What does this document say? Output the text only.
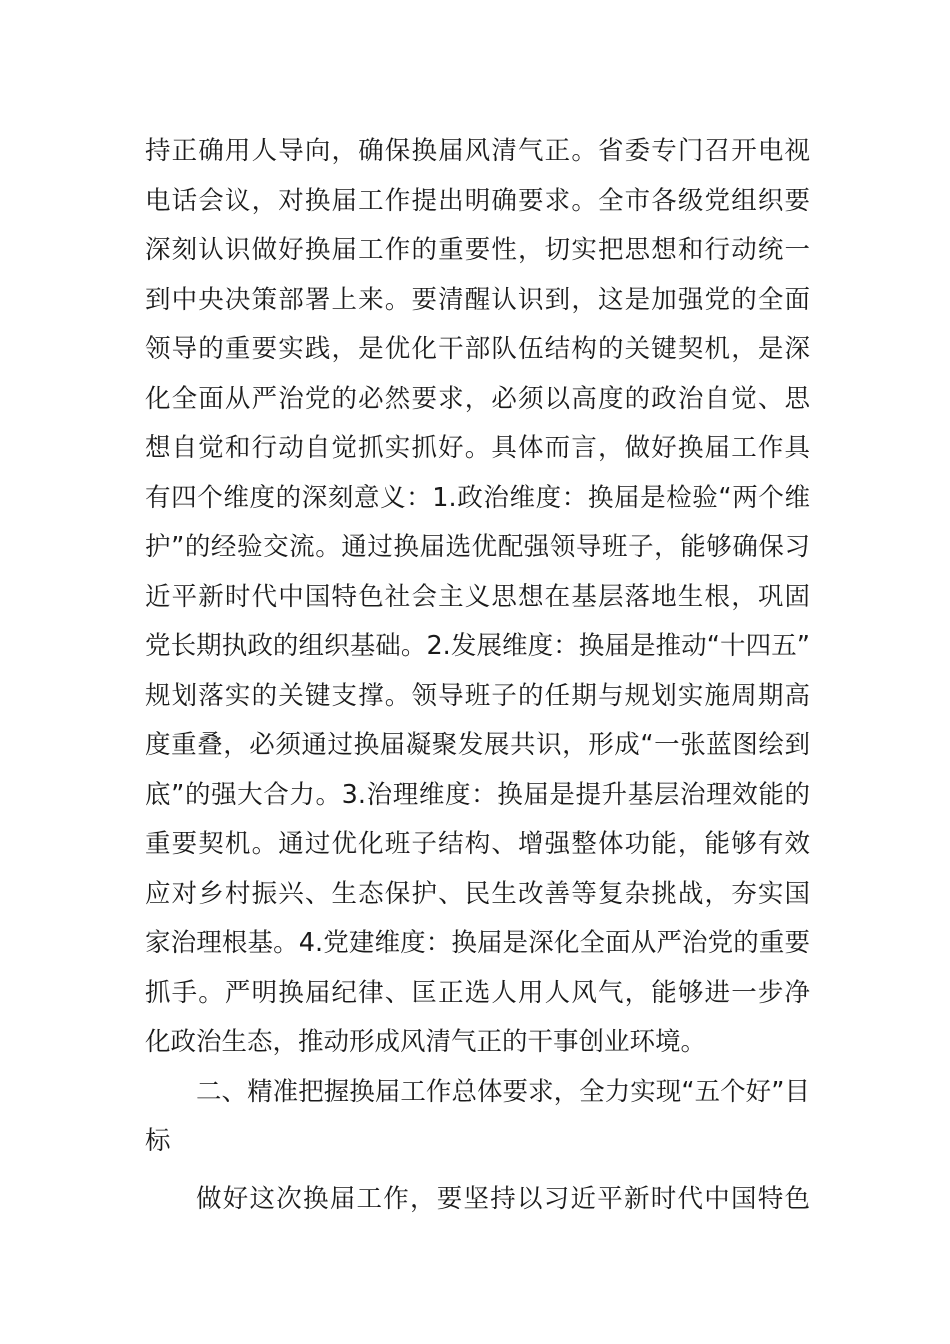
持正确用人导向，确保换届风清气正。省委专门召开电视
电话会议，对换届工作提出明确要求。全市各级党组织要
深刻认识做好换届工作的重要性，切实把思想和行动统一
到中央决策部署上来。要清醒认识到，这是加强党的全面
领导的重要实践，是优化干部队伍结构的关键契机，是深
化全面从严治党的必然要求，必须以高度的政治自觉、思
想自觉和行动自觉抓实抓好。具体而言，做好换届工作具
有四个维度的深刻意义：1.政治维度：换届是检验“两个维
护”的经验交流。通过换届选优配强领导班子，能够确保习
近平新时代中国特色社会主义思想在基层落地生根，巩固
党长期执政的组织基础。2.发展维度：换届是推动“十四五”
规划落实的关键支撑。领导班子的任期与规划实施周期高
度重叠，必须通过换届凝聚发展共识，形成“一张蓝图绘到
底”的强大合力。3.治理维度：换届是提升基层治理效能的
重要契机。通过优化班子结构、增强整体功能，能够有效
应对乡村振兴、生态保护、民生改善等复杂挑战，夯实国
家治理根基。4.党建维度：换届是深化全面从严治党的重要
抓手。严明换届纪律、匡正选人用人风气，能够进一步净
化政治生态，推动形成风清气正的干事创业环境。
二、精准把握换届工作总体要求，全力实现“五个好”目
标
做好这次换届工作，要坚持以习近平新时代中国特色
